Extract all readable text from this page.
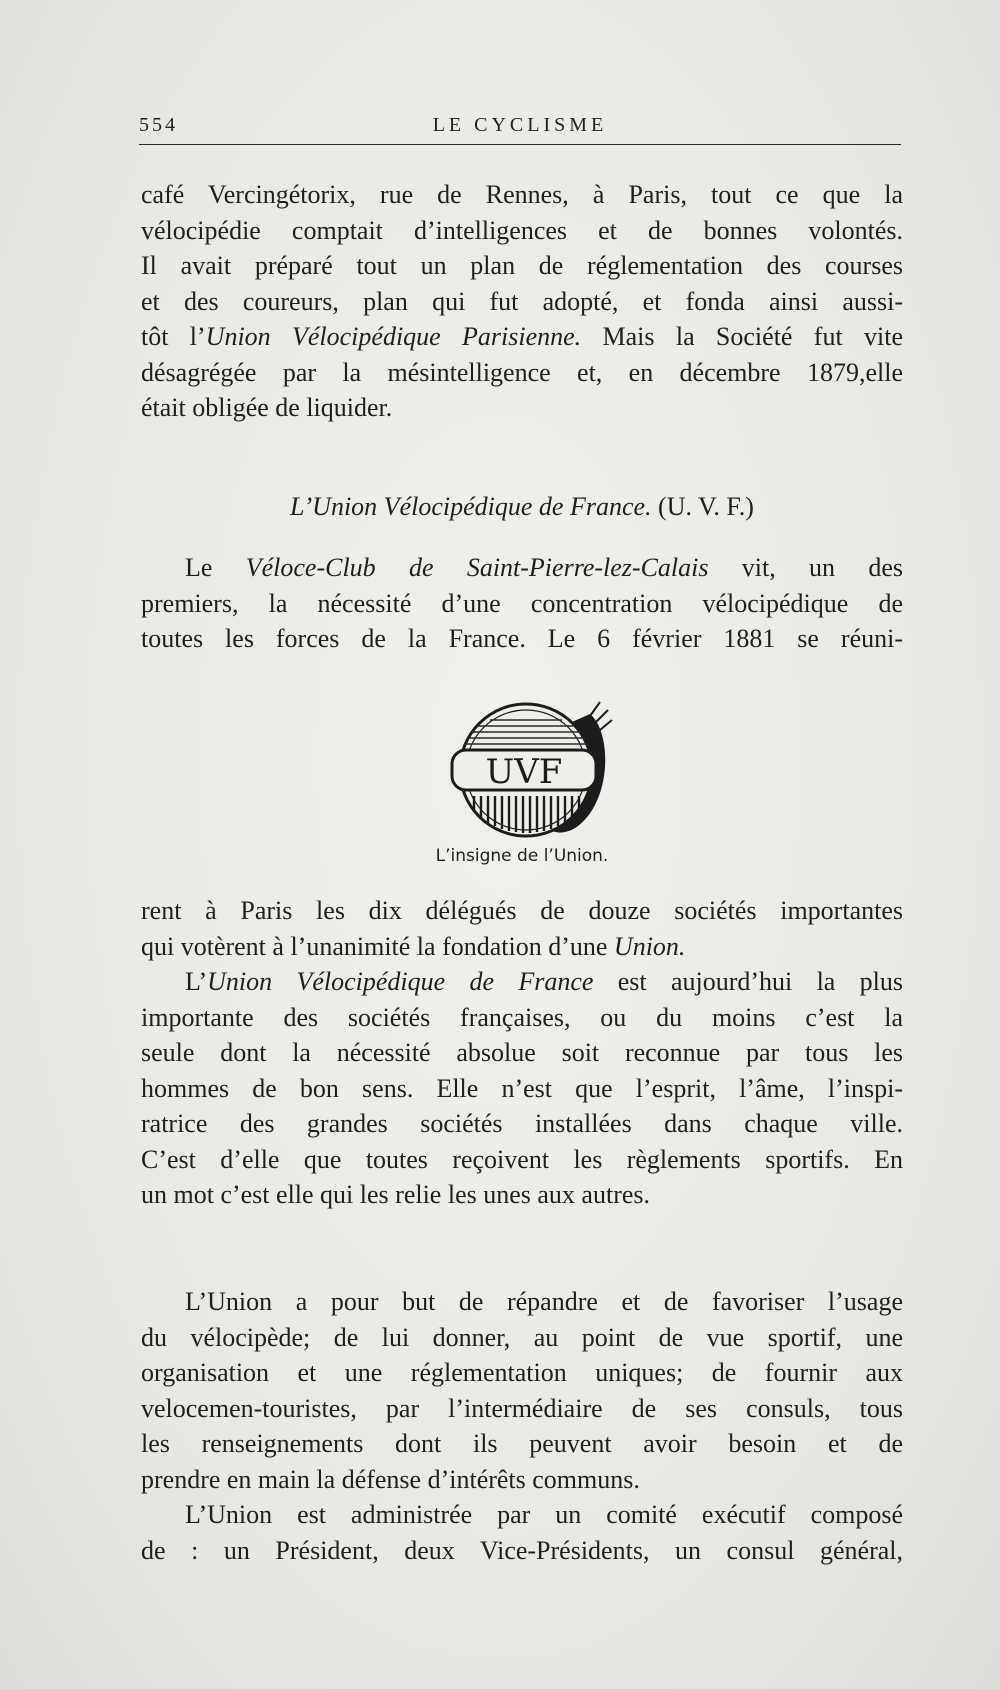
554	LE CYCLISME
café Vercingétorix, rue de Rennes, à Paris, tout ce que la
vélocipédie comptait d’intelligences et de bonnes volontés.
Il avait préparé tout un plan de réglementation des courses
et des coureurs, plan qui fut adopté, et fonda ainsi aussi-
tôt l’Union Vélocipédique Parisienne. Mais la Société fut vite
désagrégée par la mésintelligence et, en décembre 1879,elle
était obligée de liquider.
L’Union Vélocipédique de France. (U. V. F.)
Le Véloce-Club de Saint-Pierre-lez-Calais vit, un des
premiers, la nécessité d’une concentration vélocipédique de
toutes les forces de la France. Le 6 février 1881 se réuni-
UVF
L’insigne de l’Union.
rent à Paris les dix délégués de douze sociétés importantes
qui votèrent à l’unanimité la fondation d’une Union.
L’Union Vélocipédique de France est aujourd’hui la plus
importante des sociétés françaises, ou du moins c’est la
seule dont la nécessité absolue soit reconnue par tous les
hommes de bon sens. Elle n’est que l’esprit, l’âme, l’inspi-
ratrice des grandes sociétés installées dans chaque ville.
C’est d’elle que toutes reçoivent les règlements sportifs. En
un mot c’est elle qui les relie les unes aux autres.
L’Union a pour but de répandre et de favoriser l’usage
du vélocipède; de lui donner, au point de vue sportif, une
organisation et une réglementation uniques; de fournir aux
velocemen-touristes, par l’intermédiaire de ses consuls, tous
les renseignements dont ils peuvent avoir besoin et de
prendre en main la défense d’intérêts communs.
L’Union est administrée par un comité exécutif composé
de : un Président, deux Vice-Présidents, un consul général,
